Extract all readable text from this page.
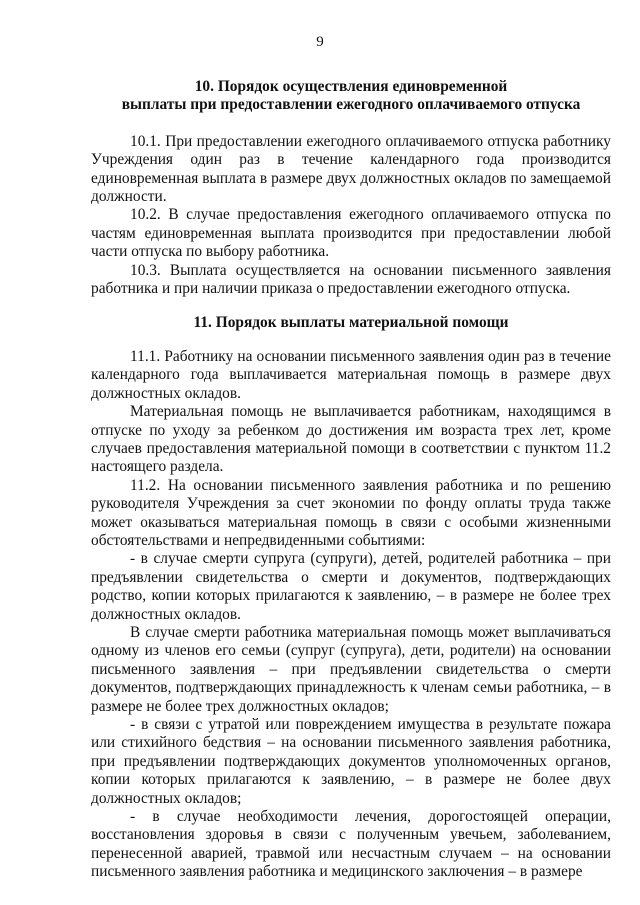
9
10. Порядок осуществления единовременной
выплаты при предоставлении ежегодного оплачиваемого отпуска

10.1. При предоставлении ежегодного оплачиваемого отпуска работнику Учреждения один раз в течение календарного года производится единовременная выплата в размере двух должностных окладов по замещаемой должности.

10.2. В случае предоставления ежегодного оплачиваемого отпуска по частям единовременная выплата производится при предоставлении любой части отпуска по выбору работника.

10.3. Выплата осуществляется на основании письменного заявления работника и при наличии приказа о предоставлении ежегодного отпуска.

11. Порядок выплаты материальной помощи

11.1. Работнику на основании письменного заявления один раз в течение календарного года выплачивается материальная помощь в размере двух должностных окладов.

Материальная помощь не выплачивается работникам, находящимся в отпуске по уходу за ребенком до достижения им возраста трех лет, кроме случаев предоставления материальной помощи в соответствии с пунктом 11.2 настоящего раздела.

11.2. На основании письменного заявления работника и по решению руководителя Учреждения за счет экономии по фонду оплаты труда также может оказываться материальная помощь в связи с особыми жизненными обстоятельствами и непредвиденными событиями:

- в случае смерти супруга (супруги), детей, родителей работника – при предъявлении свидетельства о смерти и документов, подтверждающих родство, копии которых прилагаются к заявлению, – в размере не более трех должностных окладов.

В случае смерти работника материальная помощь может выплачиваться одному из членов его семьи (супруг (супруга), дети, родители) на основании письменного заявления – при предъявлении свидетельства о смерти документов, подтверждающих принадлежность к членам семьи работника, – в размере не более трех должностных окладов;

- в связи с утратой или повреждением имущества в результате пожара или стихийного бедствия – на основании письменного заявления работника, при предъявлении подтверждающих документов уполномоченных органов, копии которых прилагаются к заявлению, – в размере не более двух должностных окладов;

- в случае необходимости лечения, дорогостоящей операции, восстановления здоровья в связи с полученным увечьем, заболеванием, перенесенной аварией, травмой или несчастным случаем – на основании письменного заявления работника и медицинского заключения – в размере
